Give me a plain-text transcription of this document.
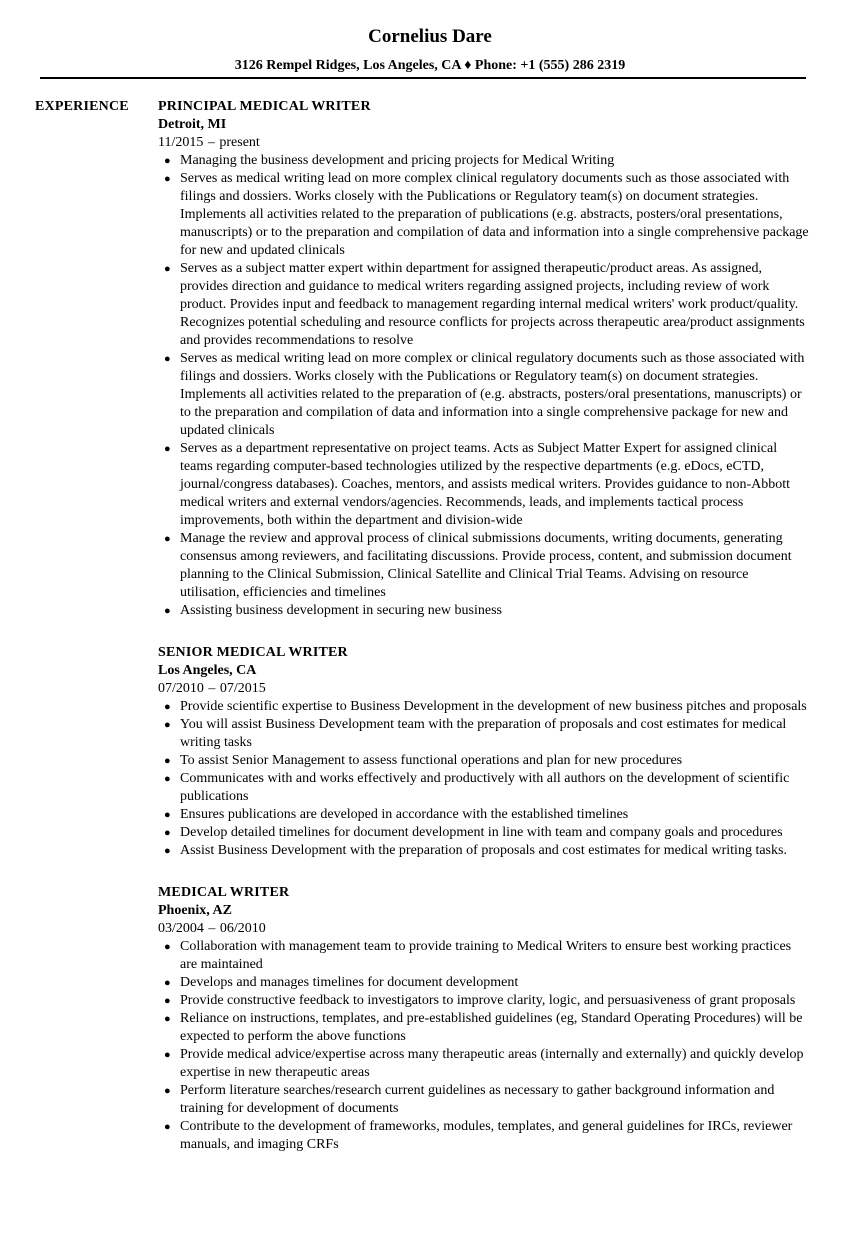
Cornelius Dare
3126 Rempel Ridges, Los Angeles, CA ♦ Phone: +1 (555) 286 2319
EXPERIENCE PRINCIPAL MEDICAL WRITER
Detroit, MI
11/2015 – present
● Managing the business development and pricing projects for Medical Writing
● Serves as medical writing lead on more complex clinical regulatory documents such as those associated with filings and dossiers. Works closely with the Publications or Regulatory team(s) on document strategies. Implements all activities related to the preparation of publications (e.g. abstracts, posters/oral presentations, manuscripts) or to the preparation and compilation of data and information into a single comprehensive package for new and updated clinicals
● Serves as a subject matter expert within department for assigned therapeutic/product areas. As assigned, provides direction and guidance to medical writers regarding assigned projects, including review of work product. Provides input and feedback to management regarding internal medical writers' work product/quality. Recognizes potential scheduling and resource conflicts for projects across therapeutic area/product assignments and provides recommendations to resolve
● Serves as medical writing lead on more complex or clinical regulatory documents such as those associated with filings and dossiers. Works closely with the Publications or Regulatory team(s) on document strategies. Implements all activities related to the preparation of (e.g. abstracts, posters/oral presentations, manuscripts) or to the preparation and compilation of data and information into a single comprehensive package for new and updated clinicals
● Serves as a department representative on project teams. Acts as Subject Matter Expert for assigned clinical teams regarding computer-based technologies utilized by the respective departments (e.g. eDocs, eCTD, journal/congress databases). Coaches, mentors, and assists medical writers. Provides guidance to non-Abbott medical writers and external vendors/agencies. Recommends, leads, and implements tactical process improvements, both within the department and division-wide
● Manage the review and approval process of clinical submissions documents, writing documents, generating consensus among reviewers, and facilitating discussions. Provide process, content, and submission document planning to the Clinical Submission, Clinical Satellite and Clinical Trial Teams. Advising on resource utilisation, efficiencies and timelines
● Assisting business development in securing new business
SENIOR MEDICAL WRITER
Los Angeles, CA
07/2010 – 07/2015
● Provide scientific expertise to Business Development in the development of new business pitches and proposals
● You will assist Business Development team with the preparation of proposals and cost estimates for medical writing tasks
● To assist Senior Management to assess functional operations and plan for new procedures
● Communicates with and works effectively and productively with all authors on the development of scientific publications
● Ensures publications are developed in accordance with the established timelines
● Develop detailed timelines for document development in line with team and company goals and procedures
● Assist Business Development with the preparation of proposals and cost estimates for medical writing tasks.
MEDICAL WRITER
Phoenix, AZ
03/2004 – 06/2010
● Collaboration with management team to provide training to Medical Writers to ensure best working practices are maintained
● Develops and manages timelines for document development
● Provide constructive feedback to investigators to improve clarity, logic, and persuasiveness of grant proposals
● Reliance on instructions, templates, and pre-established guidelines (eg, Standard Operating Procedures) will be expected to perform the above functions
● Provide medical advice/expertise across many therapeutic areas (internally and externally) and quickly develop expertise in new therapeutic areas
● Perform literature searches/research current guidelines as necessary to gather background information and training for development of documents
● Contribute to the development of frameworks, modules, templates, and general guidelines for IRCs, reviewer manuals, and imaging CRFs
